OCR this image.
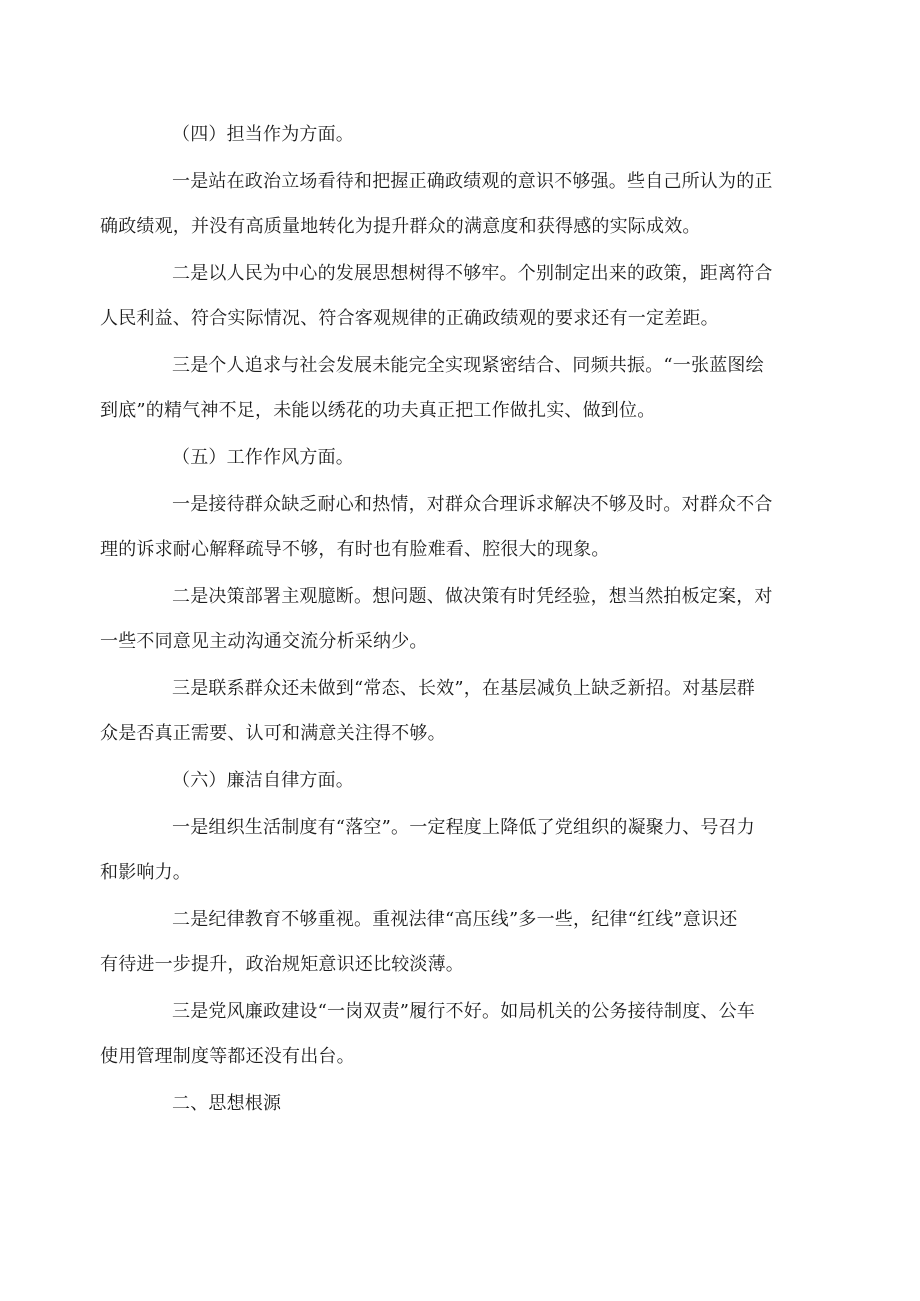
（四）担当作为方面。

一是站在政治立场看待和把握正确政绩观的意识不够强。些自己所认为的正
确政绩观，并没有高质量地转化为提升群众的满意度和获得感的实际成效。

二是以人民为中心的发展思想树得不够牢。个别制定出来的政策，距离符合
人民利益、符合实际情况、符合客观规律的正确政绩观的要求还有一定差距。

三是个人追求与社会发展未能完全实现紧密结合、同频共振。“一张蓝图绘
到底”的精气神不足，未能以绣花的功夫真正把工作做扎实、做到位。

（五）工作作风方面。

一是接待群众缺乏耐心和热情，对群众合理诉求解决不够及时。对群众不合
理的诉求耐心解释疏导不够，有时也有脸难看、腔很大的现象。

二是决策部署主观臆断。想问题、做决策有时凭经验，想当然拍板定案，对
一些不同意见主动沟通交流分析采纳少。

三是联系群众还未做到“常态、长效”，在基层减负上缺乏新招。对基层群
众是否真正需要、认可和满意关注得不够。

（六）廉洁自律方面。

一是组织生活制度有“落空”。一定程度上降低了党组织的凝聚力、号召力
和影响力。

二是纪律教育不够重视。重视法律“高压线”多一些，纪律“红线”意识还
有待进一步提升，政治规矩意识还比较淡薄。

三是党风廉政建设“一岗双责”履行不好。如局机关的公务接待制度、公车
使用管理制度等都还没有出台。

二、思想根源
